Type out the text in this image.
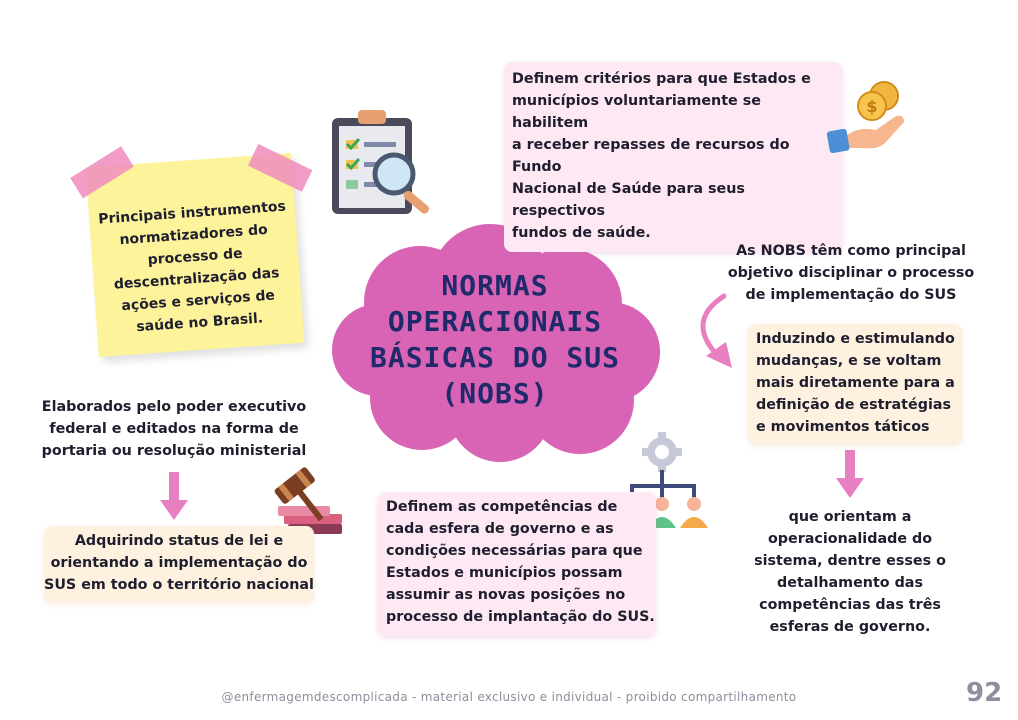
NORMAS
OPERACIONAIS
BÁSICAS DO SUS
(NOBS)
Principais instrumentos
normatizadores do
processo de
descentralização das
ações e serviços de
saúde no Brasil.
Definem critérios para que Estados e
municípios voluntariamente se habilitem
a receber repasses de recursos do Fundo
Nacional de Saúde para seus respectivos
fundos de saúde.
$
As NOBS têm como principal
objetivo disciplinar o processo
de implementação do SUS
Induzindo e estimulando
mudanças, e se voltam
mais diretamente para a
definição de estratégias
e movimentos táticos
que orientam a
operacionalidade do
sistema, dentre esses o
detalhamento das
competências das três
esferas de governo.
Elaborados pelo poder executivo
federal e editados na forma de
portaria ou resolução ministerial
Adquirindo status de lei e
orientando a implementação do
SUS em todo o território nacional
Definem as competências de
cada esfera de governo e as
condições necessárias para que
Estados e municípios possam
assumir as novas posições no
processo de implantação do SUS.
@enfermagemdescomplicada - material exclusivo e individual - proibido compartilhamento	92
